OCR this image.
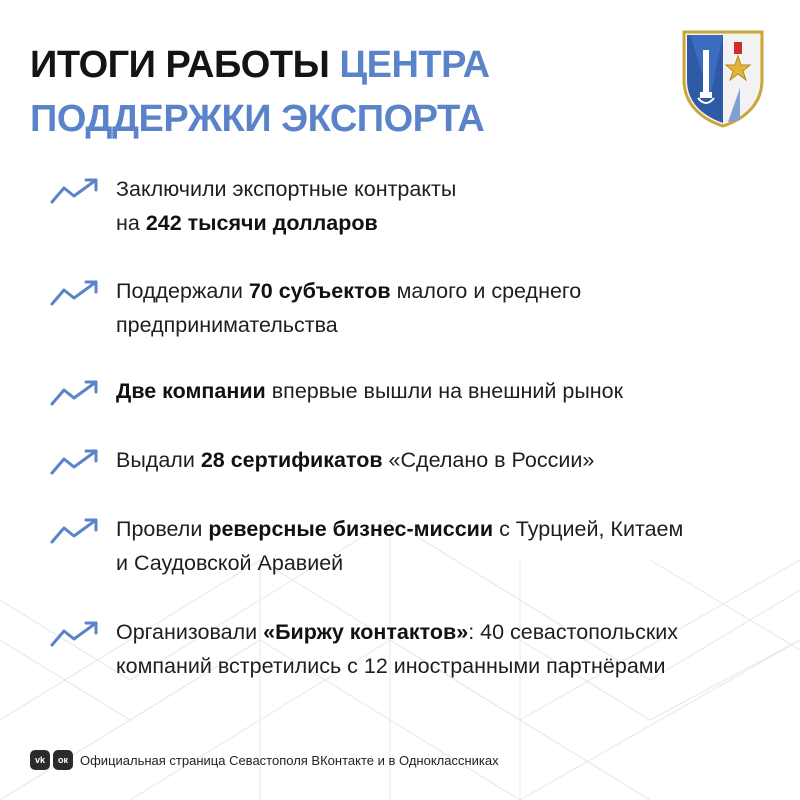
ИТОГИ РАБОТЫ ЦЕНТРА
ПОДДЕРЖКИ ЭКСПОРТА
Заключили экспортные контракты
на 242 тысячи долларов
Поддержали 70 субъектов малого и среднего
предпринимательства
Две компании впервые вышли на внешний рынок
Выдали 28 сертификатов «Сделано в России»
Провели реверсные бизнес-миссии с Турцией, Китаем
и Саудовской Аравией
Организовали «Биржу контактов»: 40 севастопольских
компаний встретились с 12 иностранными партнёрами
vk	ок Официальная страница Севастополя ВКонтакте и в Одноклассниках
